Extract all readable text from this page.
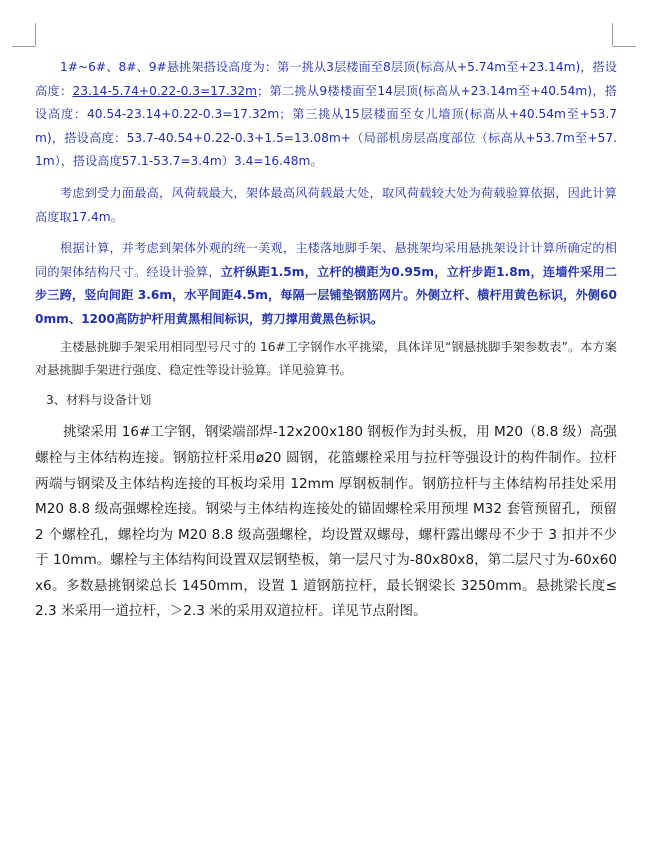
1#~6#、8#、9#悬挑架搭设高度为：第一挑从3层楼面至8层顶(标高从+5.74m至+23.14m)，搭设高度：23.14-5.74+0.22-0.3=17.32m；第二挑从9楼楼面至14层顶(标高从+23.14m至+40.54m)，搭设高度：40.54-23.14+0.22-0.3=17.32m；第三挑从15层楼面至女儿墙顶(标高从+40.54m至+53.7m)，搭设高度：53.7-40.54+0.22-0.3+1.5=13.08m+（局部机房层高度部位（标高从+53.7m至+57.1m），搭设高度57.1-53.7=3.4m）3.4=16.48m。

考虑到受力面最高，风荷载最大，架体最高风荷载最大处，取风荷载较大处为荷载验算依据，因此计算高度取17.4m。

根据计算，并考虑到架体外观的统一美观，主楼落地脚手架、悬挑架均采用悬挑架设计计算所确定的相同的架体结构尺寸。经设计验算，立杆纵距1.5m，立杆的横距为0.95m，立杆步距1.8m，连墙件采用二步三跨，竖向间距 3.6m，水平间距4.5m，每隔一层铺垫钢筋网片。外侧立杆、横杆用黄色标识，外侧600mm、1200高防护杆用黄黑相间标识，剪刀撑用黄黑色标识。

主楼悬挑脚手架采用相同型号尺寸的 16#工字钢作水平挑梁，具体详见“钢悬挑脚手架参数表”。本方案对悬挑脚手架进行强度、稳定性等设计验算。详见验算书。

3、材料与设备计划

挑梁采用 16#工字钢，钢梁端部焊-12x200x180 钢板作为封头板，用 M20（8.8 级）高强螺栓与主体结构连接。钢筋拉杆采用ø20 圆钢，花篮螺栓采用与拉杆等强设计的构件制作。拉杆两端与钢梁及主体结构连接的耳板均采用 12mm 厚钢板制作。钢筋拉杆与主体结构吊挂处采用 M20 8.8 级高强螺栓连接。钢梁与主体结构连接处的锚固螺栓采用预埋 M32 套管预留孔，预留 2 个螺栓孔，螺栓均为 M20 8.8 级高强螺栓，均设置双螺母，螺杆露出螺母不少于 3 扣并不少于 10mm。螺栓与主体结构间设置双层钢垫板，第一层尺寸为-80x80x8，第二层尺寸为-60x60x6。多数悬挑钢梁总长 1450mm，设置 1 道钢筋拉杆，最长钢梁长 3250mm。悬挑梁长度≤2.3 米采用一道拉杆，＞2.3 米的采用双道拉杆。详见节点附图。
